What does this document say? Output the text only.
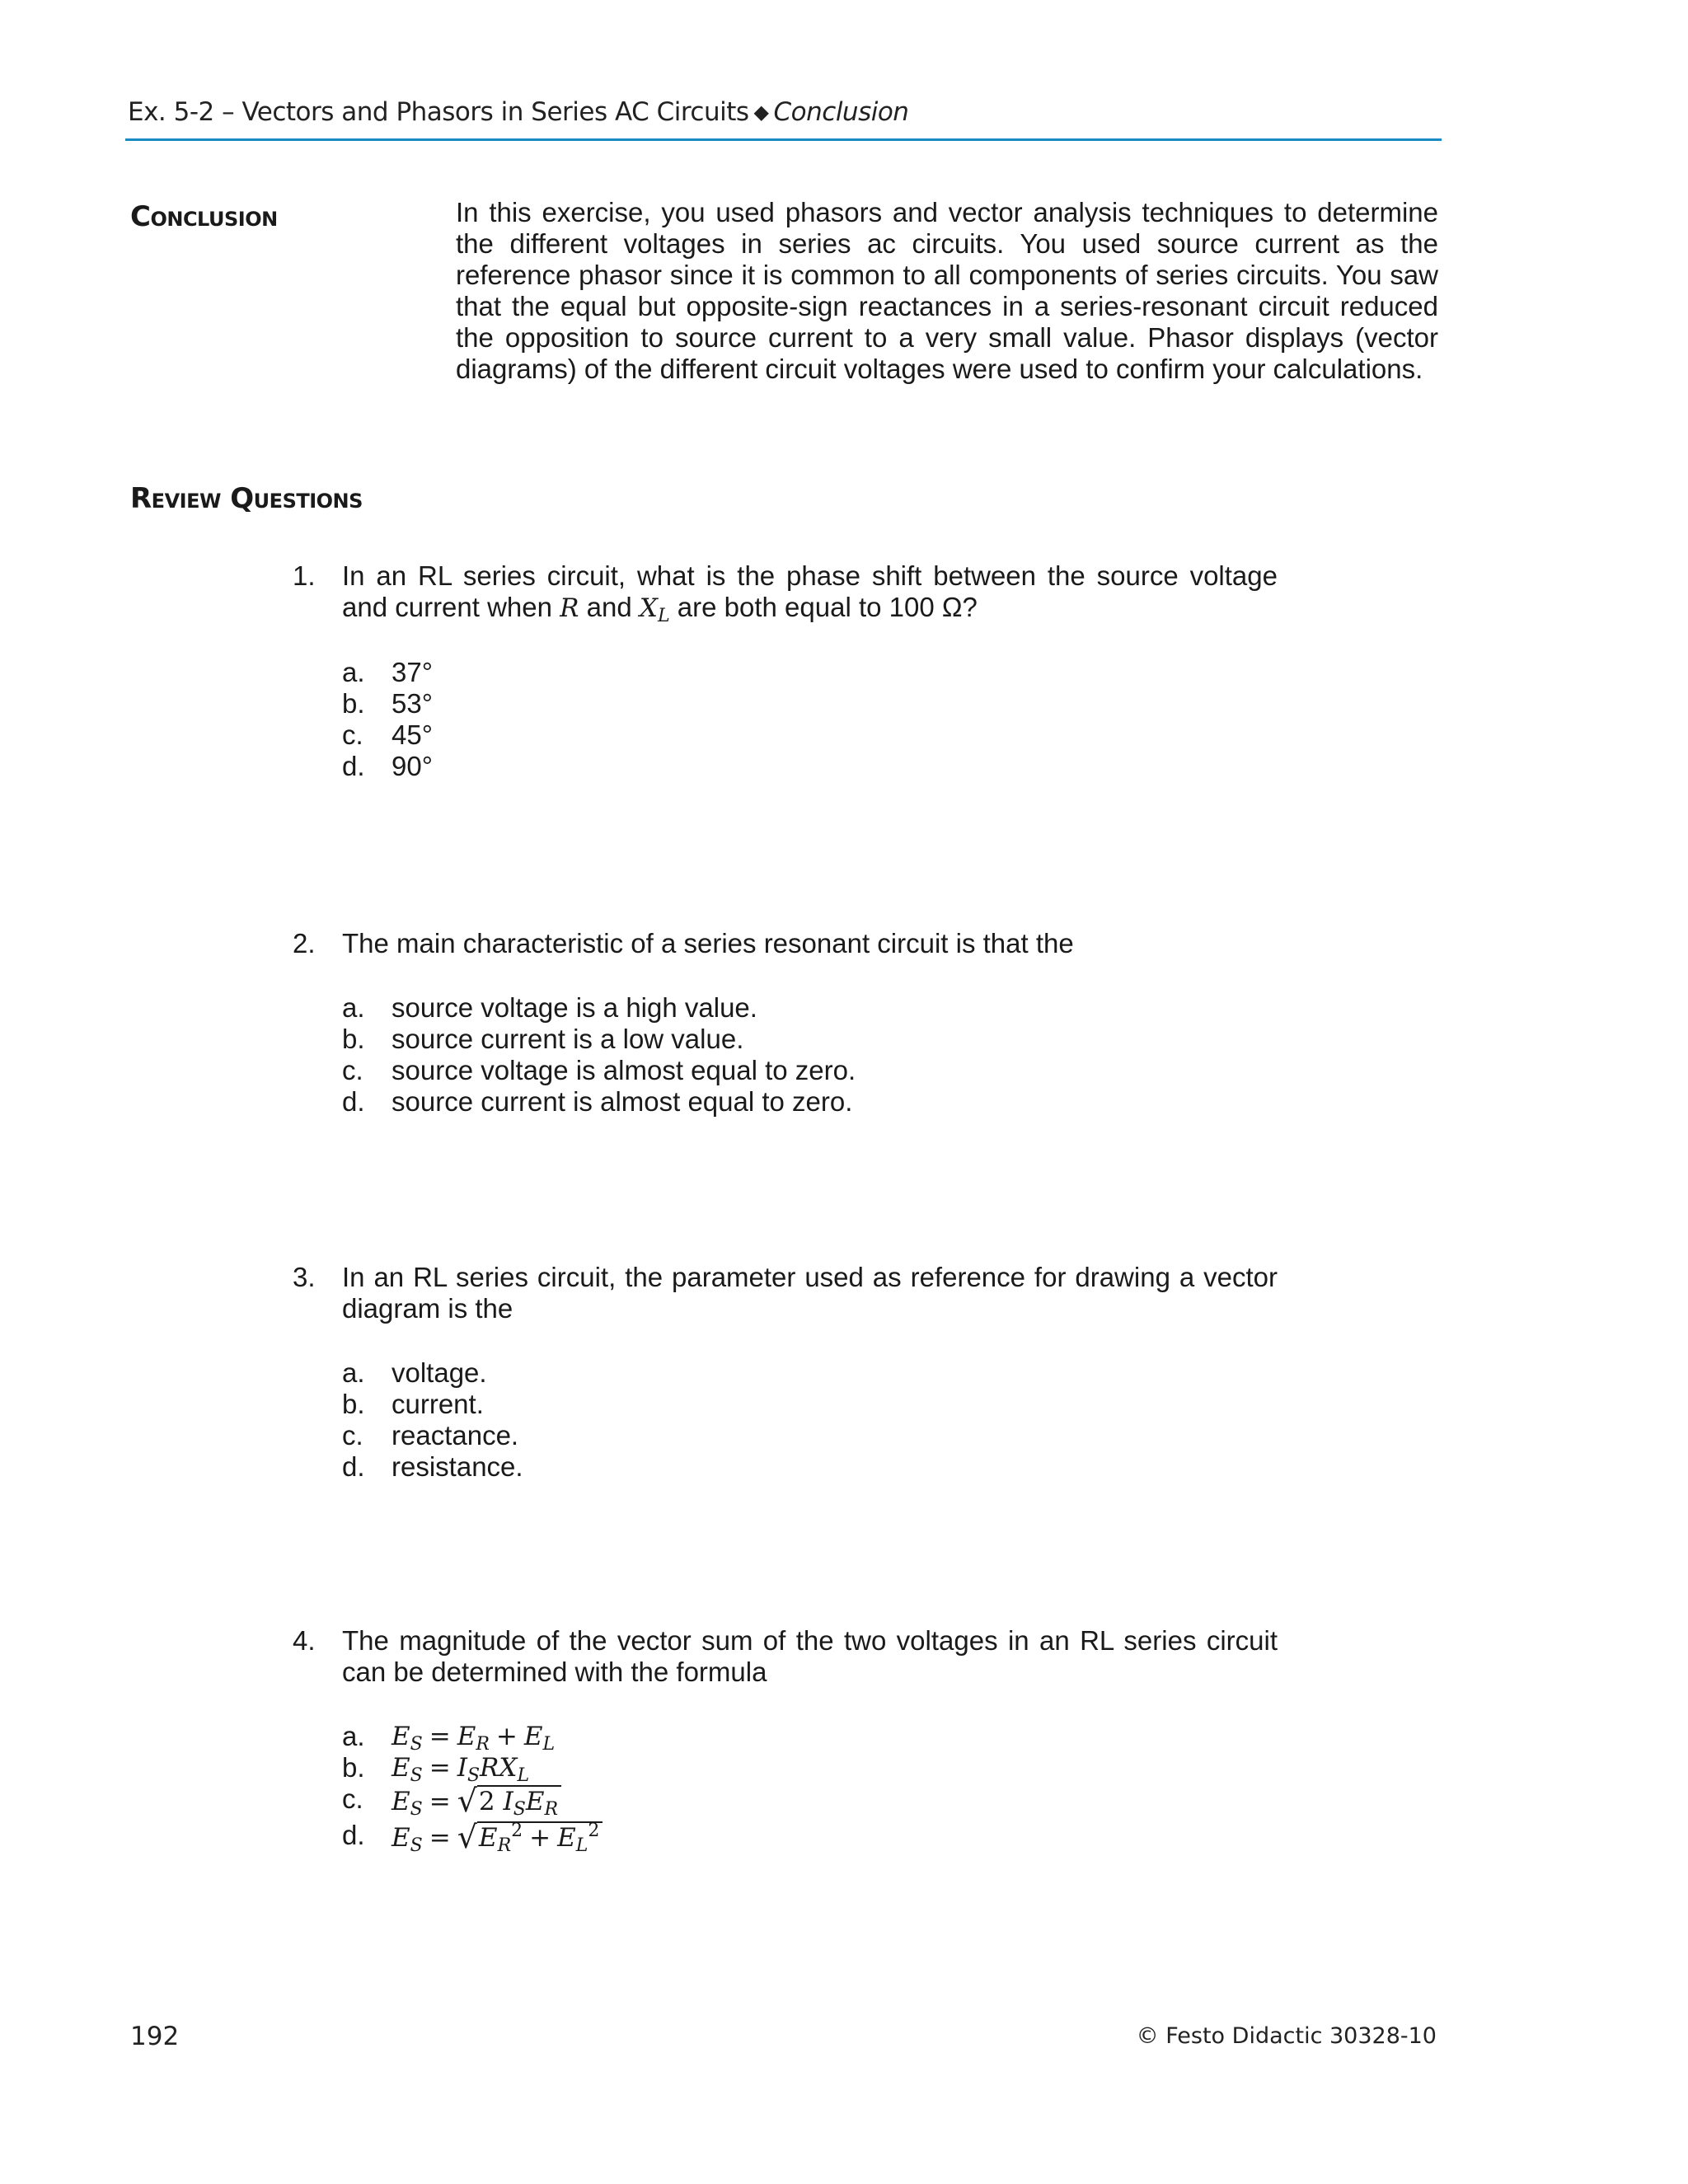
Ex. 5-2 – Vectors and Phasors in Series AC Circuits ◆ Conclusion
Conclusion	In this exercise, you used phasors and vector analysis techniques to determine the different voltages in series ac circuits. You used source current as the reference phasor since it is common to all components of series circuits. You saw that the equal but opposite-sign reactances in a series-resonant circuit reduced the opposition to source current to a very small value. Phasor displays (vector diagrams) of the different circuit voltages were used to confirm your calculations.

Review Questions
1. In an RL series circuit, what is the phase shift between the source voltage and current when R and $X_L$ are both equal to 100 Ω?
a. 37°
b. 53°
c.	45°
d. 90°
2. The main characteristic of a series resonant circuit is that the
a. source voltage is a high value.
b. source current is a low value.
c.	source voltage is almost equal to zero.
d. source current is almost equal to zero.
3. In an RL series circuit, the parameter used as reference for drawing a vector diagram is the
a. voltage.
b. current.
c.	reactance.
d. resistance.
4. The magnitude of the vector sum of the two voltages in an RL series circuit can be determined with the formula
a.	$E_S = E_R + E_L$
b.	$E_S = I_SRX_L$
c.	$E_S = √2$ $I_SE_R$
d.	$E_S = √E_R^2 + E_L^2$
192	© Festo Didactic 30328-10
